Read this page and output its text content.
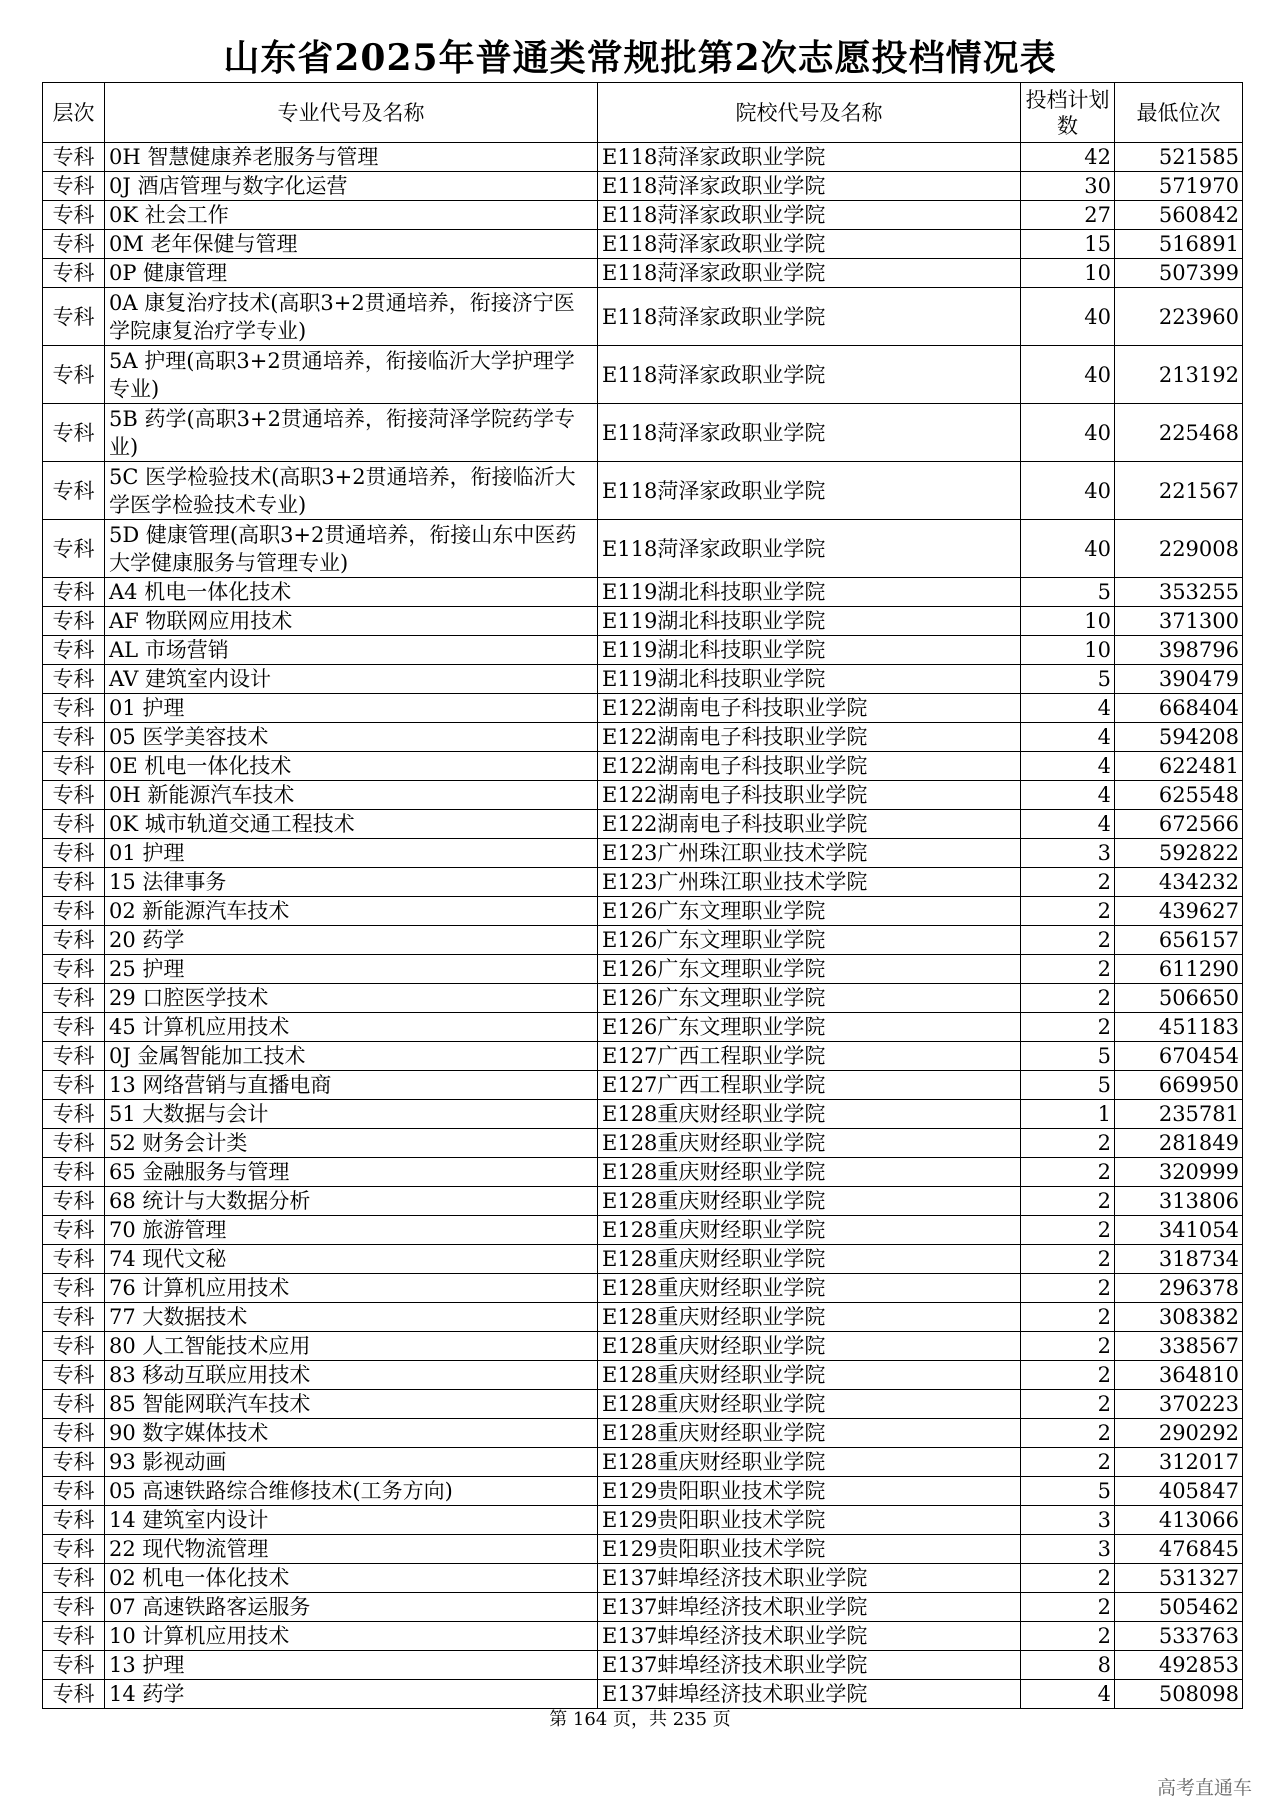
山东省2025年普通类常规批第2次志愿投档情况表
层次	专业代号及名称	院校代号及名称	投档计划数	最低位次
专科	0H 智慧健康养老服务与管理	E118菏泽家政职业学院	42	521585
专科	0J 酒店管理与数字化运营	E118菏泽家政职业学院	30	571970
专科	0K 社会工作	E118菏泽家政职业学院	27	560842
专科	0M 老年保健与管理	E118菏泽家政职业学院	15	516891
专科	0P 健康管理	E118菏泽家政职业学院	10	507399
专科	0A 康复治疗技术(高职3+2贯通培养，衔接济宁医学院康复治疗学专业)	E118菏泽家政职业学院	40	223960
专科	5A 护理(高职3+2贯通培养，衔接临沂大学护理学专业)	E118菏泽家政职业学院	40	213192
专科	5B 药学(高职3+2贯通培养，衔接菏泽学院药学专业)	E118菏泽家政职业学院	40	225468
专科	5C 医学检验技术(高职3+2贯通培养，衔接临沂大学医学检验技术专业)	E118菏泽家政职业学院	40	221567
专科	5D 健康管理(高职3+2贯通培养，衔接山东中医药大学健康服务与管理专业)	E118菏泽家政职业学院	40	229008
专科	A4 机电一体化技术	E119湖北科技职业学院	5	353255
专科	AF 物联网应用技术	E119湖北科技职业学院	10	371300
专科	AL 市场营销	E119湖北科技职业学院	10	398796
专科	AV 建筑室内设计	E119湖北科技职业学院	5	390479
专科	01 护理	E122湖南电子科技职业学院	4	668404
专科	05 医学美容技术	E122湖南电子科技职业学院	4	594208
专科	0E 机电一体化技术	E122湖南电子科技职业学院	4	622481
专科	0H 新能源汽车技术	E122湖南电子科技职业学院	4	625548
专科	0K 城市轨道交通工程技术	E122湖南电子科技职业学院	4	672566
专科	01 护理	E123广州珠江职业技术学院	3	592822
专科	15 法律事务	E123广州珠江职业技术学院	2	434232
专科	02 新能源汽车技术	E126广东文理职业学院	2	439627
专科	20 药学	E126广东文理职业学院	2	656157
专科	25 护理	E126广东文理职业学院	2	611290
专科	29 口腔医学技术	E126广东文理职业学院	2	506650
专科	45 计算机应用技术	E126广东文理职业学院	2	451183
专科	0J 金属智能加工技术	E127广西工程职业学院	5	670454
专科	13 网络营销与直播电商	E127广西工程职业学院	5	669950
专科	51 大数据与会计	E128重庆财经职业学院	1	235781
专科	52 财务会计类	E128重庆财经职业学院	2	281849
专科	65 金融服务与管理	E128重庆财经职业学院	2	320999
专科	68 统计与大数据分析	E128重庆财经职业学院	2	313806
专科	70 旅游管理	E128重庆财经职业学院	2	341054
专科	74 现代文秘	E128重庆财经职业学院	2	318734
专科	76 计算机应用技术	E128重庆财经职业学院	2	296378
专科	77 大数据技术	E128重庆财经职业学院	2	308382
专科	80 人工智能技术应用	E128重庆财经职业学院	2	338567
专科	83 移动互联应用技术	E128重庆财经职业学院	2	364810
专科	85 智能网联汽车技术	E128重庆财经职业学院	2	370223
专科	90 数字媒体技术	E128重庆财经职业学院	2	290292
专科	93 影视动画	E128重庆财经职业学院	2	312017
专科	05 高速铁路综合维修技术(工务方向)	E129贵阳职业技术学院	5	405847
专科	14 建筑室内设计	E129贵阳职业技术学院	3	413066
专科	22 现代物流管理	E129贵阳职业技术学院	3	476845
专科	02 机电一体化技术	E137蚌埠经济技术职业学院	2	531327
专科	07 高速铁路客运服务	E137蚌埠经济技术职业学院	2	505462
专科	10 计算机应用技术	E137蚌埠经济技术职业学院	2	533763
专科	13 护理	E137蚌埠经济技术职业学院	8	492853
专科	14 药学	E137蚌埠经济技术职业学院	4	508098
第 164 页，共 235 页
高考直通车
